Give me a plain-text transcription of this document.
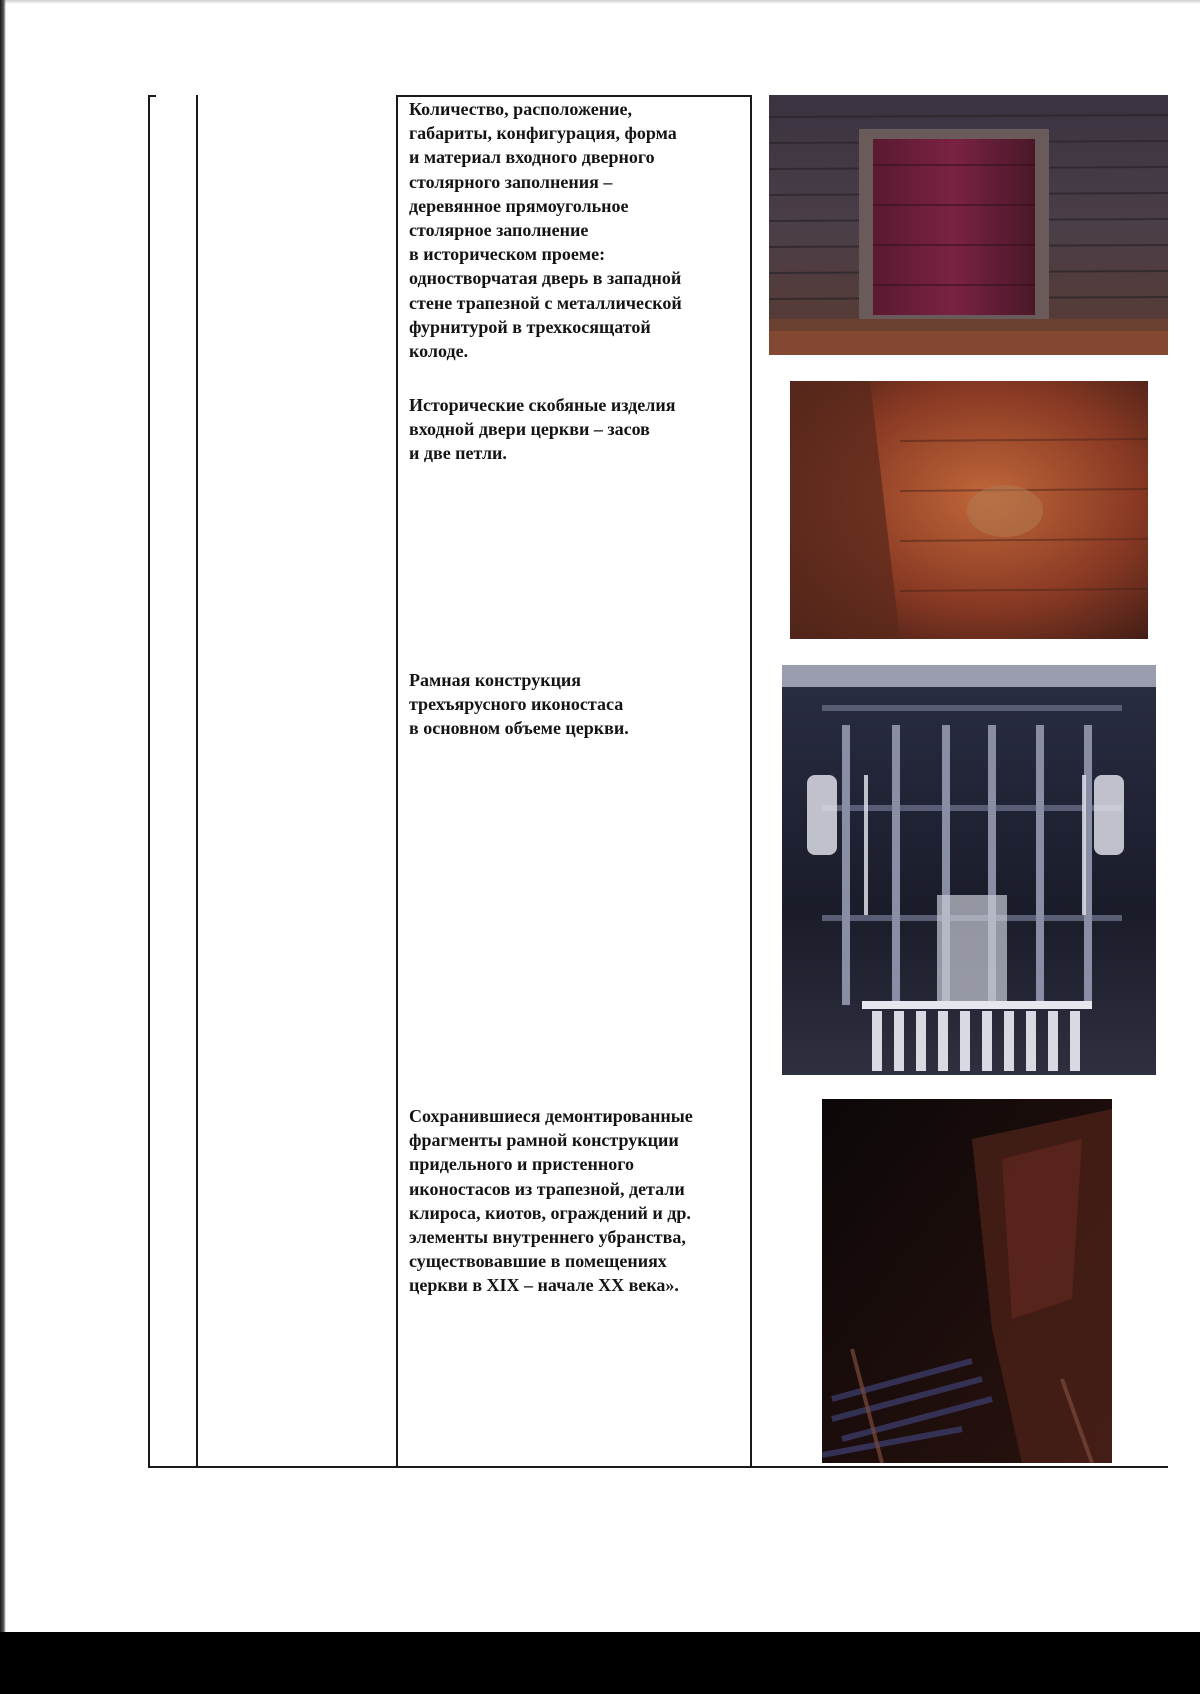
Количество, расположение,
габариты, конфигурация, форма
и материал входного дверного
столярного заполнения –
деревянное прямоугольное
столярное заполнение
в историческом проеме:
одностворчатая дверь в западной
стене трапезной с металлической
фурнитурой в трехкосящатой
колоде.

Исторические скобяные изделия
входной двери церкви – засов
и две петли.

Рамная конструкция
трехъярусного иконостаса
в основном объеме церкви.

Сохранившиеся демонтированные
фрагменты рамной конструкции
придельного и пристенного
иконостасов из трапезной, детали
клироса, киотов, ограждений и др.
элементы внутреннего убранства,
существовавшие в помещениях
церкви в XIX – начале XX века».
